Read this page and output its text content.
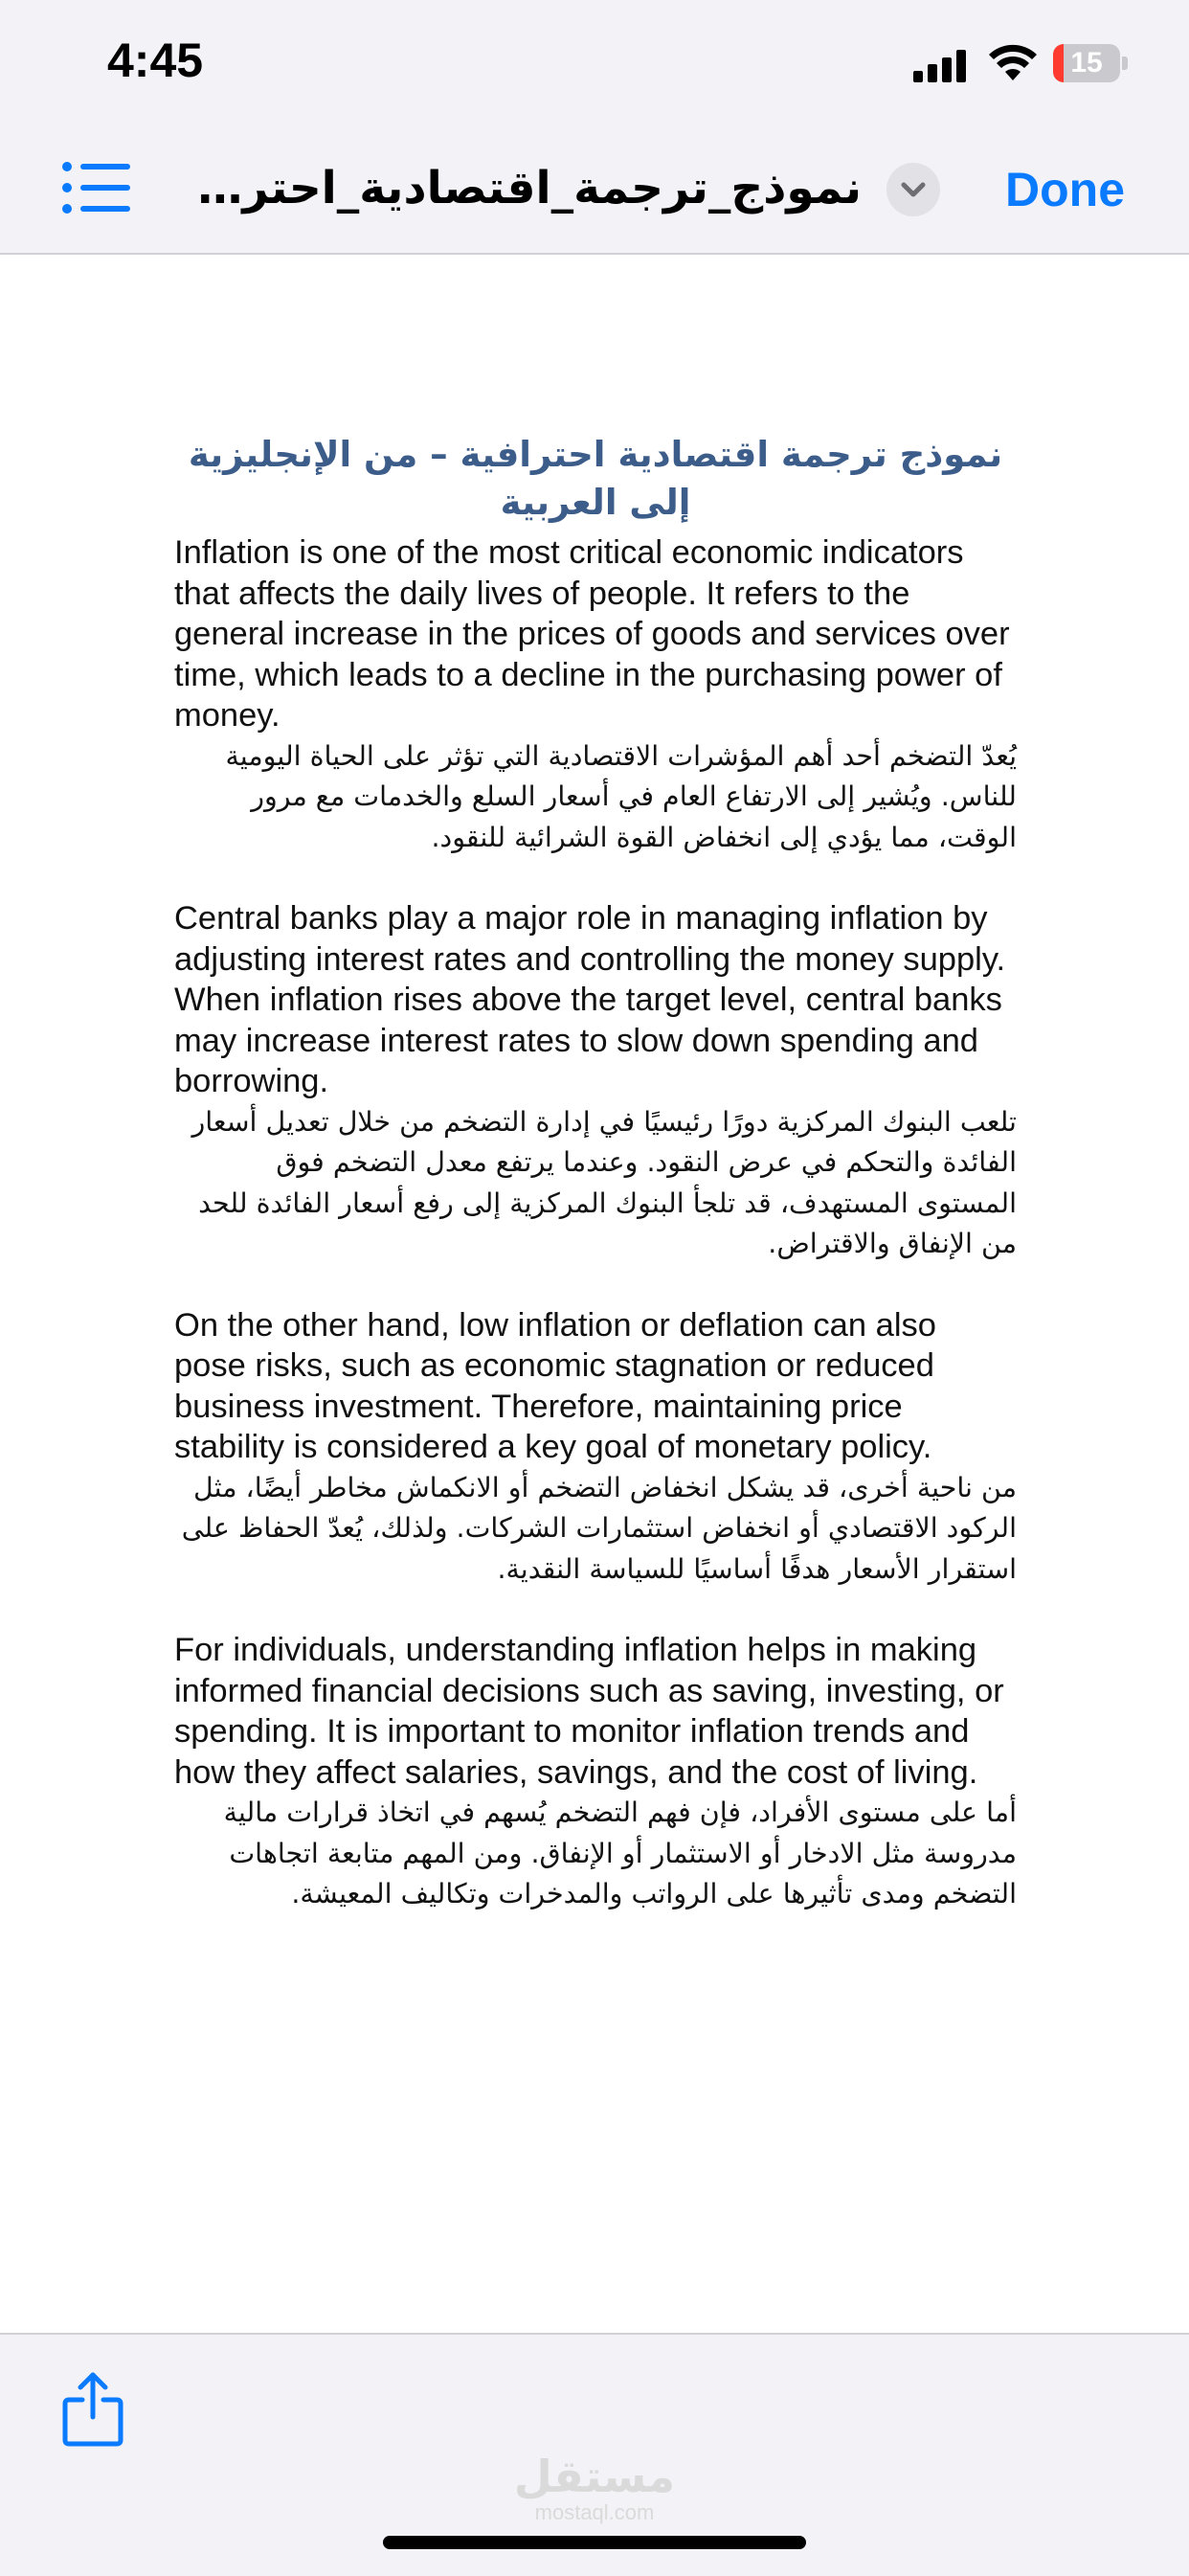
4:45	15
نموذج_ترجمة_اقتصادية_احتر…	Done
نموذج ترجمة اقتصادية احترافية – من الإنجليزية إلى العربية

Inflation is one of the most critical economic indicators that affects the daily lives of people. It refers to the general increase in the prices of goods and services over time, which leads to a decline in the purchasing power of money.

يُعدّ التضخم أحد أهم المؤشرات الاقتصادية التي تؤثر على الحياة اليومية للناس. ويُشير إلى الارتفاع العام في أسعار السلع والخدمات مع مرور الوقت، مما يؤدي إلى انخفاض القوة الشرائية للنقود.

Central banks play a major role in managing inflation by adjusting interest rates and controlling the money supply. When inflation rises above the target level, central banks may increase interest rates to slow down spending and borrowing.

تلعب البنوك المركزية دورًا رئيسيًا في إدارة التضخم من خلال تعديل أسعار الفائدة والتحكم في عرض النقود. وعندما يرتفع معدل التضخم فوق المستوى المستهدف، قد تلجأ البنوك المركزية إلى رفع أسعار الفائدة للحد من الإنفاق والاقتراض.

On the other hand, low inflation or deflation can also pose risks, such as economic stagnation or reduced business investment. Therefore, maintaining price stability is considered a key goal of monetary policy.

من ناحية أخرى، قد يشكل انخفاض التضخم أو الانكماش مخاطر أيضًا، مثل الركود الاقتصادي أو انخفاض استثمارات الشركات. ولذلك، يُعدّ الحفاظ على استقرار الأسعار هدفًا أساسيًا للسياسة النقدية.

For individuals, understanding inflation helps in making informed financial decisions such as saving, investing, or spending. It is important to monitor inflation trends and how they affect salaries, savings, and the cost of living.

أما على مستوى الأفراد، فإن فهم التضخم يُسهم في اتخاذ قرارات مالية مدروسة مثل الادخار أو الاستثمار أو الإنفاق. ومن المهم متابعة اتجاهات التضخم ومدى تأثيرها على الرواتب والمدخرات وتكاليف المعيشة.

مستقل
mostaql.com
